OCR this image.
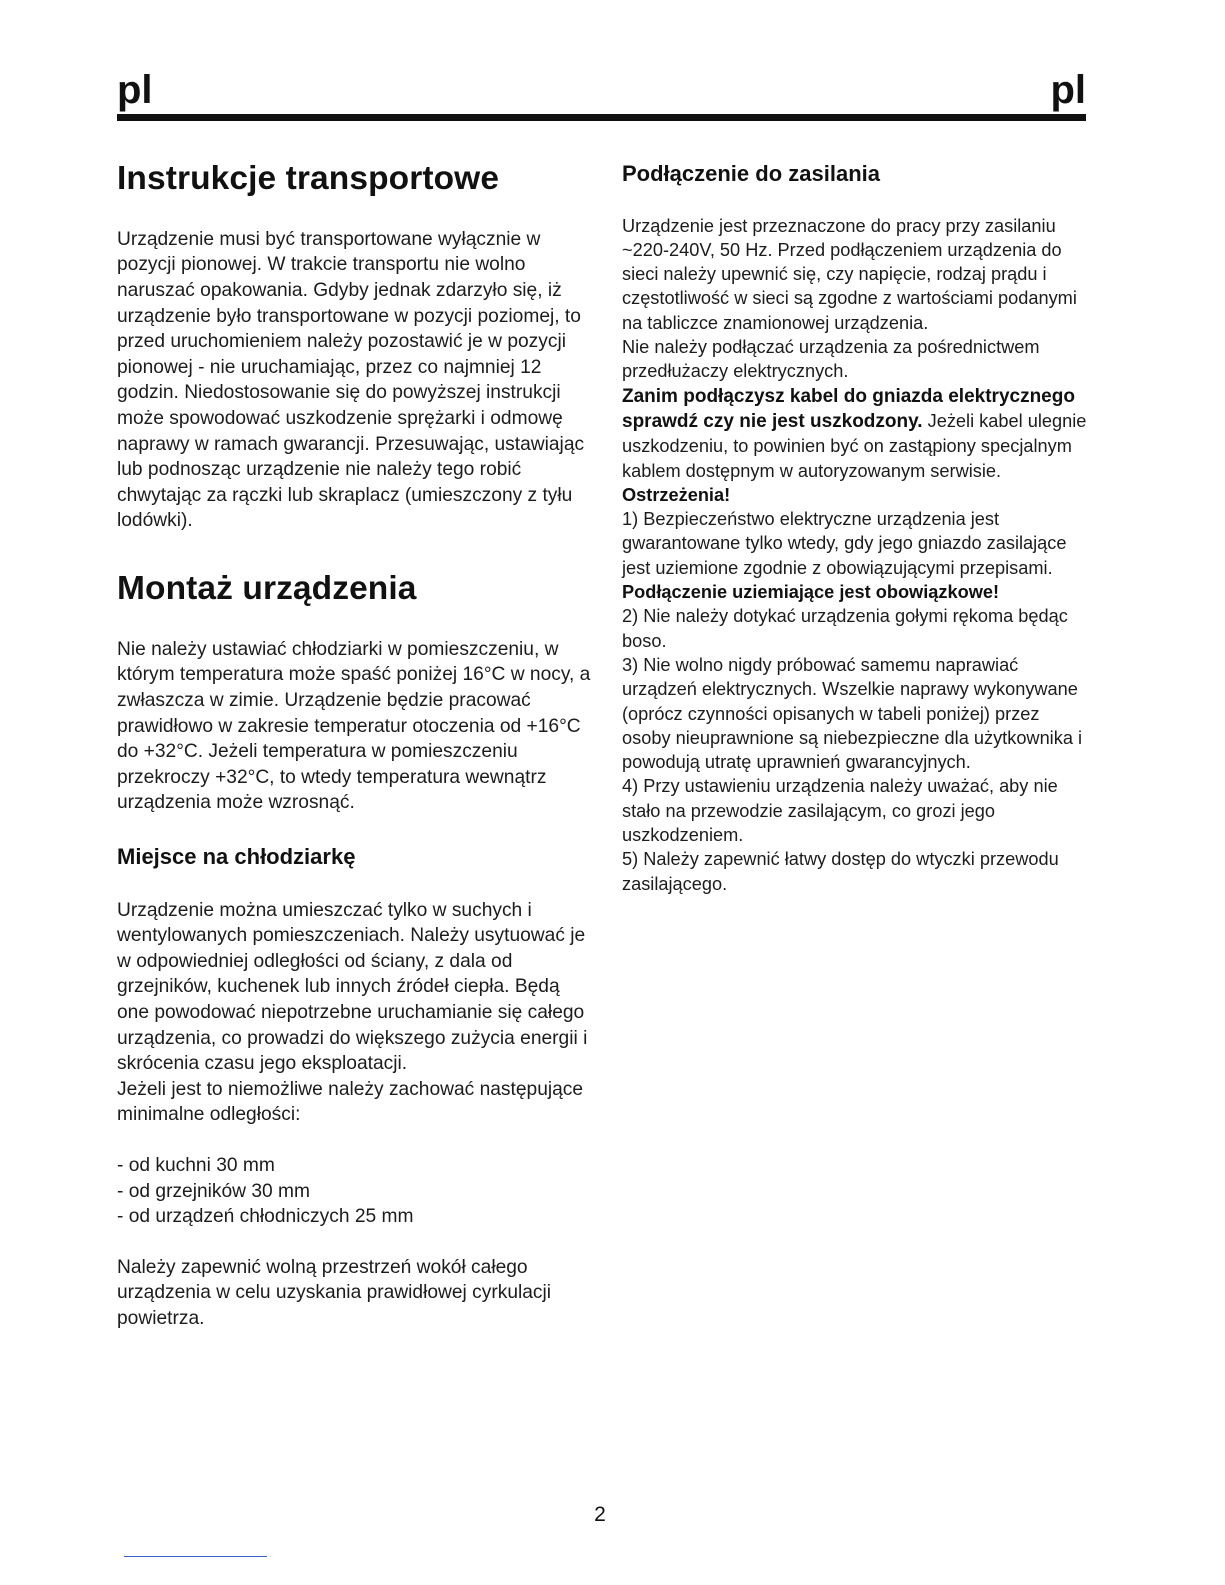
pl	pl
Instrukcje transportowe

Urządzenie musi być transportowane wyłącznie w pozycji pionowej. W trakcie transportu nie wolno naruszać opakowania. Gdyby jednak zdarzyło się, iż urządzenie było transportowane w pozycji poziomej, to przed uruchomieniem należy pozostawić je w pozycji pionowej - nie uruchamiając, przez co najmniej 12 godzin. Niedostosowanie się do powyższej instrukcji może spowodować uszkodzenie sprężarki i odmowę naprawy w ramach gwarancji. Przesuwając, ustawiając lub podnosząc urządzenie nie należy tego robić chwytając za rączki lub skraplacz (umieszczony z tyłu lodówki).

Montaż urządzenia

Nie należy ustawiać chłodziarki w pomieszczeniu, w którym temperatura może spaść poniżej 16°C w nocy, a zwłaszcza w zimie. Urządzenie będzie pracować prawidłowo w zakresie temperatur otoczenia od +16°C do +32°C. Jeżeli temperatura w pomieszczeniu przekroczy +32°C, to wtedy temperatura wewnątrz urządzenia może wzrosnąć.

Miejsce na chłodziarkę

Urządzenie można umieszczać tylko w suchych i wentylowanych pomieszczeniach. Należy usytuować je w odpowiedniej odległości od ściany, z dala od grzejników, kuchenek lub innych źródeł ciepła. Będą one powodować niepotrzebne uruchamianie się całego urządzenia, co prowadzi do większego zużycia energii i skrócenia czasu jego eksploatacji.

Jeżeli jest to niemożliwe należy zachować następujące minimalne odległości:

- od kuchni 30 mm

- od grzejników 30 mm

- od urządzeń chłodniczych 25 mm

Należy zapewnić wolną przestrzeń wokół całego urządzenia w celu uzyskania prawidłowej cyrkulacji powietrza.

Podłączenie do zasilania

Urządzenie jest przeznaczone do pracy przy zasilaniu ~220-240V, 50 Hz. Przed podłączeniem urządzenia do sieci należy upewnić się, czy napięcie, rodzaj prądu i częstotliwość w sieci są zgodne z wartościami podanymi na tabliczce znamionowej urządzenia.

Nie należy podłączać urządzenia za pośrednictwem przedłużaczy elektrycznych.

Zanim podłączysz kabel do gniazda elektrycznego sprawdź czy nie jest uszkodzony. Jeżeli kabel ulegnie uszkodzeniu, to powinien być on zastąpiony specjalnym kablem dostępnym w autoryzowanym serwisie.

Ostrzeżenia!

1) Bezpieczeństwo elektryczne urządzenia jest gwarantowane tylko wtedy, gdy jego gniazdo zasilające jest uziemione zgodnie z obowiązującymi przepisami.

Podłączenie uziemiające jest obowiązkowe!

2) Nie należy dotykać urządzenia gołymi rękoma będąc boso.

3) Nie wolno nigdy próbować samemu naprawiać urządzeń elektrycznych. Wszelkie naprawy wykonywane (oprócz czynności opisanych w tabeli poniżej) przez osoby nieuprawnione są niebezpieczne dla użytkownika i powodują utratę uprawnień gwarancyjnych.

4) Przy ustawieniu urządzenia należy uważać, aby nie stało na przewodzie zasilającym, co grozi jego uszkodzeniem.

5) Należy zapewnić łatwy dostęp do wtyczki przewodu zasilającego.

2
